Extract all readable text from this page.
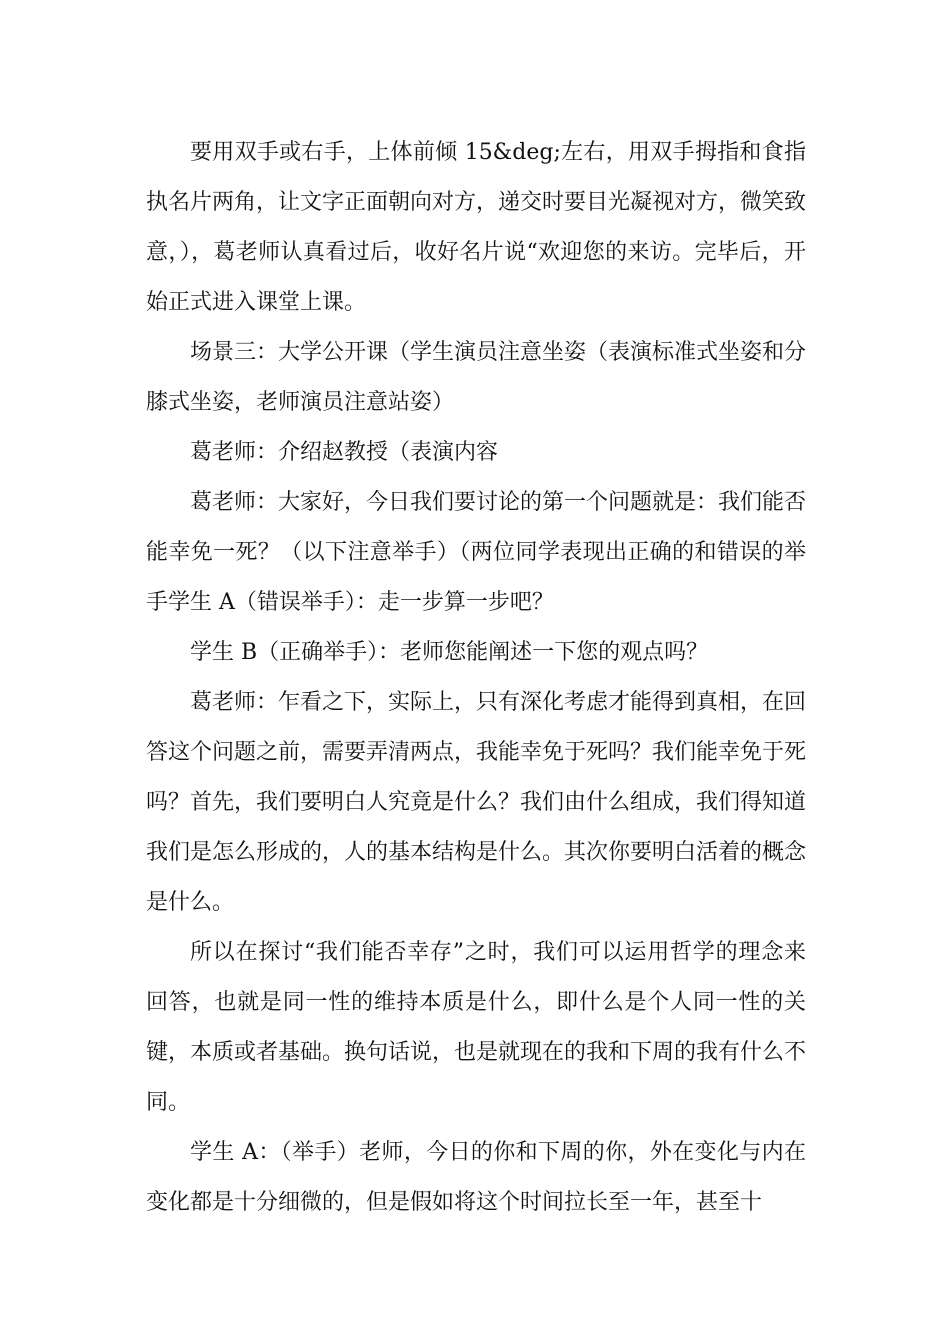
要用双手或右手，上体前倾 15&deg;左右，用双手拇指和食指执名片两角，让文字正面朝向对方，递交时要目光凝视对方，微笑致意，），葛老师认真看过后，收好名片说“欢迎您的来访。完毕后，开始正式进入课堂上课。

场景三：大学公开课（学生演员注意坐姿（表演标准式坐姿和分膝式坐姿，老师演员注意站姿）

葛老师：介绍赵教授（表演内容

葛老师：大家好，今日我们要讨论的第一个问题就是：我们能否能幸免一死？（以下注意举手）（两位同学表现出正确的和错误的举手学生 A（错误举手）：走一步算一步吧？

学生 B（正确举手）：老师您能阐述一下您的观点吗？

葛老师：乍看之下，实际上，只有深化考虑才能得到真相，在回答这个问题之前，需要弄清两点，我能幸免于死吗？我们能幸免于死吗？首先，我们要明白人究竟是什么？我们由什么组成，我们得知道我们是怎么形成的，人的基本结构是什么。其次你要明白活着的概念是什么。

所以在探讨“我们能否幸存”之时，我们可以运用哲学的理念来回答，也就是同一性的维持本质是什么，即什么是个人同一性的关键，本质或者基础。换句话说，也是就现在的我和下周的我有什么不同。

学生 A：（举手）老师，今日的你和下周的你，外在变化与内在变化都是十分细微的，但是假如将这个时间拉长至一年，甚至十
